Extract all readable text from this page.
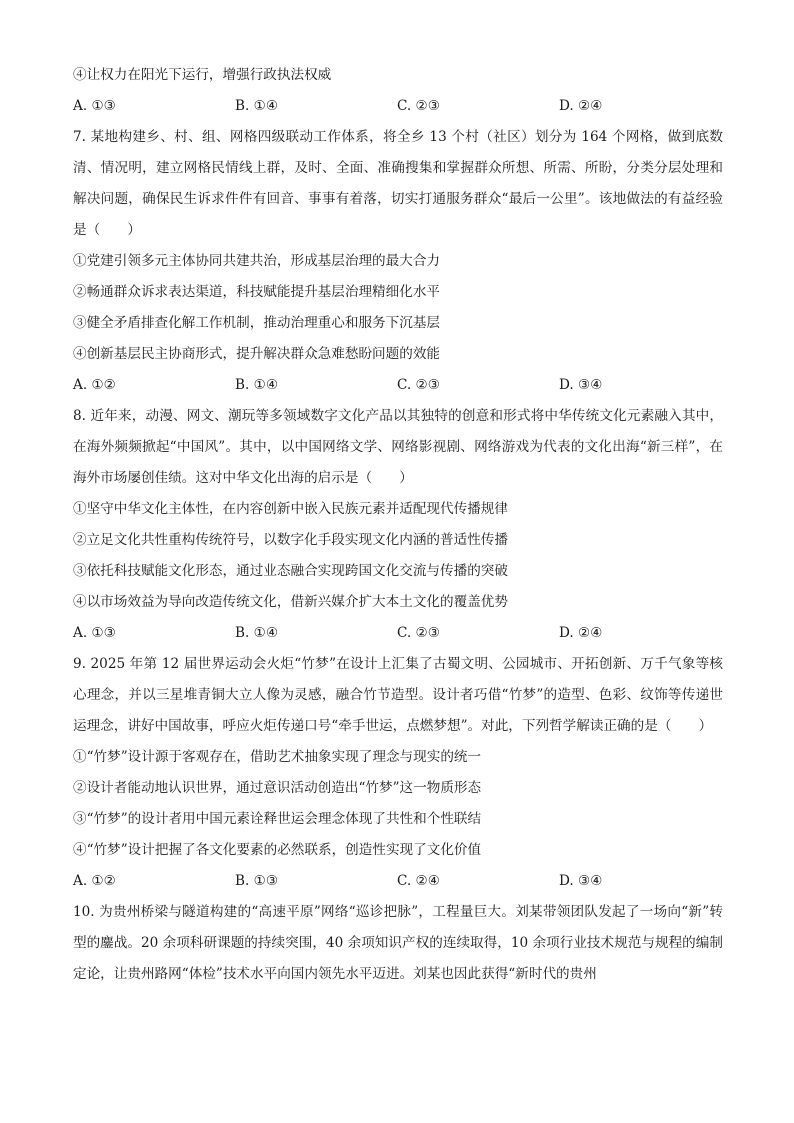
④让权力在阳光下运行，增强行政执法权威
A. ①③	B. ①④	C. ②③	D. ②④
7. 某地构建乡、村、组、网格四级联动工作体系，将全乡 13 个村（社区）划分为 164 个网格，做到底数清、情况明，建立网格民情线上群，及时、全面、准确搜集和掌握群众所想、所需、所盼，分类分层处理和解决问题，确保民生诉求件件有回音、事事有着落，切实打通服务群众“最后一公里”。该地做法的有益经验是（　　）
①党建引领多元主体协同共建共治，形成基层治理的最大合力
②畅通群众诉求表达渠道，科技赋能提升基层治理精细化水平
③健全矛盾排查化解工作机制，推动治理重心和服务下沉基层
④创新基层民主协商形式，提升解决群众急难愁盼问题的效能
A. ①②	B. ①④	C. ②③	D. ③④
8. 近年来，动漫、网文、潮玩等多领域数字文化产品以其独特的创意和形式将中华传统文化元素融入其中，在海外频频掀起“中国风”。其中，以中国网络文学、网络影视剧、网络游戏为代表的文化出海“新三样”，在海外市场屡创佳绩。这对中华文化出海的启示是（　　）
①坚守中华文化主体性，在内容创新中嵌入民族元素并适配现代传播规律
②立足文化共性重构传统符号，以数字化手段实现文化内涵的普适性传播
③依托科技赋能文化形态，通过业态融合实现跨国文化交流与传播的突破
④以市场效益为导向改造传统文化，借新兴媒介扩大本土文化的覆盖优势
A. ①③	B. ①④	C. ②③	D. ②④
9. 2025 年第 12 届世界运动会火炬“竹梦”在设计上汇集了古蜀文明、公园城市、开拓创新、万千气象等核心理念，并以三星堆青铜大立人像为灵感，融合竹节造型。设计者巧借“竹梦”的造型、色彩、纹饰等传递世运理念，讲好中国故事，呼应火炬传递口号“牵手世运，点燃梦想”。对此，下列哲学解读正确的是（　　）
①“竹梦”设计源于客观存在，借助艺术抽象实现了理念与现实的统一
②设计者能动地认识世界，通过意识活动创造出“竹梦”这一物质形态
③“竹梦”的设计者用中国元素诠释世运会理念体现了共性和个性联结
④“竹梦”设计把握了各文化要素的必然联系，创造性实现了文化价值
A. ①②	B. ①③	C. ②④	D. ③④
10. 为贵州桥梁与隧道构建的“高速平原”网络“巡诊把脉”，工程量巨大。刘某带领团队发起了一场向“新”转型的鏖战。20 余项科研课题的持续突围，40 余项知识产权的连续取得，10 余项行业技术规范与规程的编制定论，让贵州路网“体检”技术水平向国内领先水平迈进。刘某也因此获得“新时代的贵州
